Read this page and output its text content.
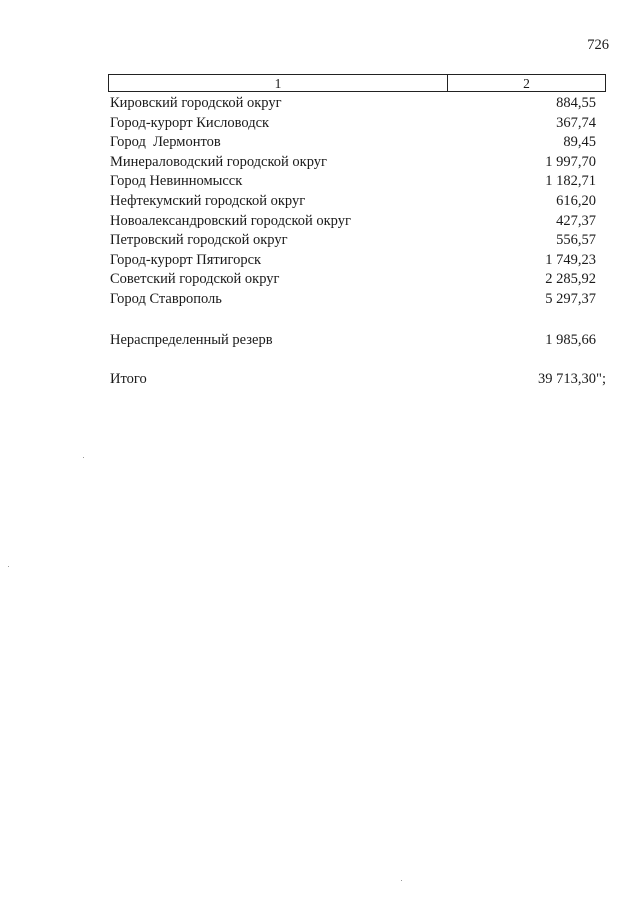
726
1	2
Кировский городской округ	884,55
Город-курорт Кисловодск	367,74
Город  Лермонтов	89,45
Минераловодский городской округ	1 997,70
Город Невинномысск	1 182,71
Нефтекумский городской округ	616,20
Новоалександровский городской округ	427,37
Петровский городской округ	556,57
Город-курорт Пятигорск	1 749,23
Советский городской округ	2 285,92
Город Ставрополь	5 297,37
Нераспределенный резерв	1 985,66
Итого	39 713,30";
